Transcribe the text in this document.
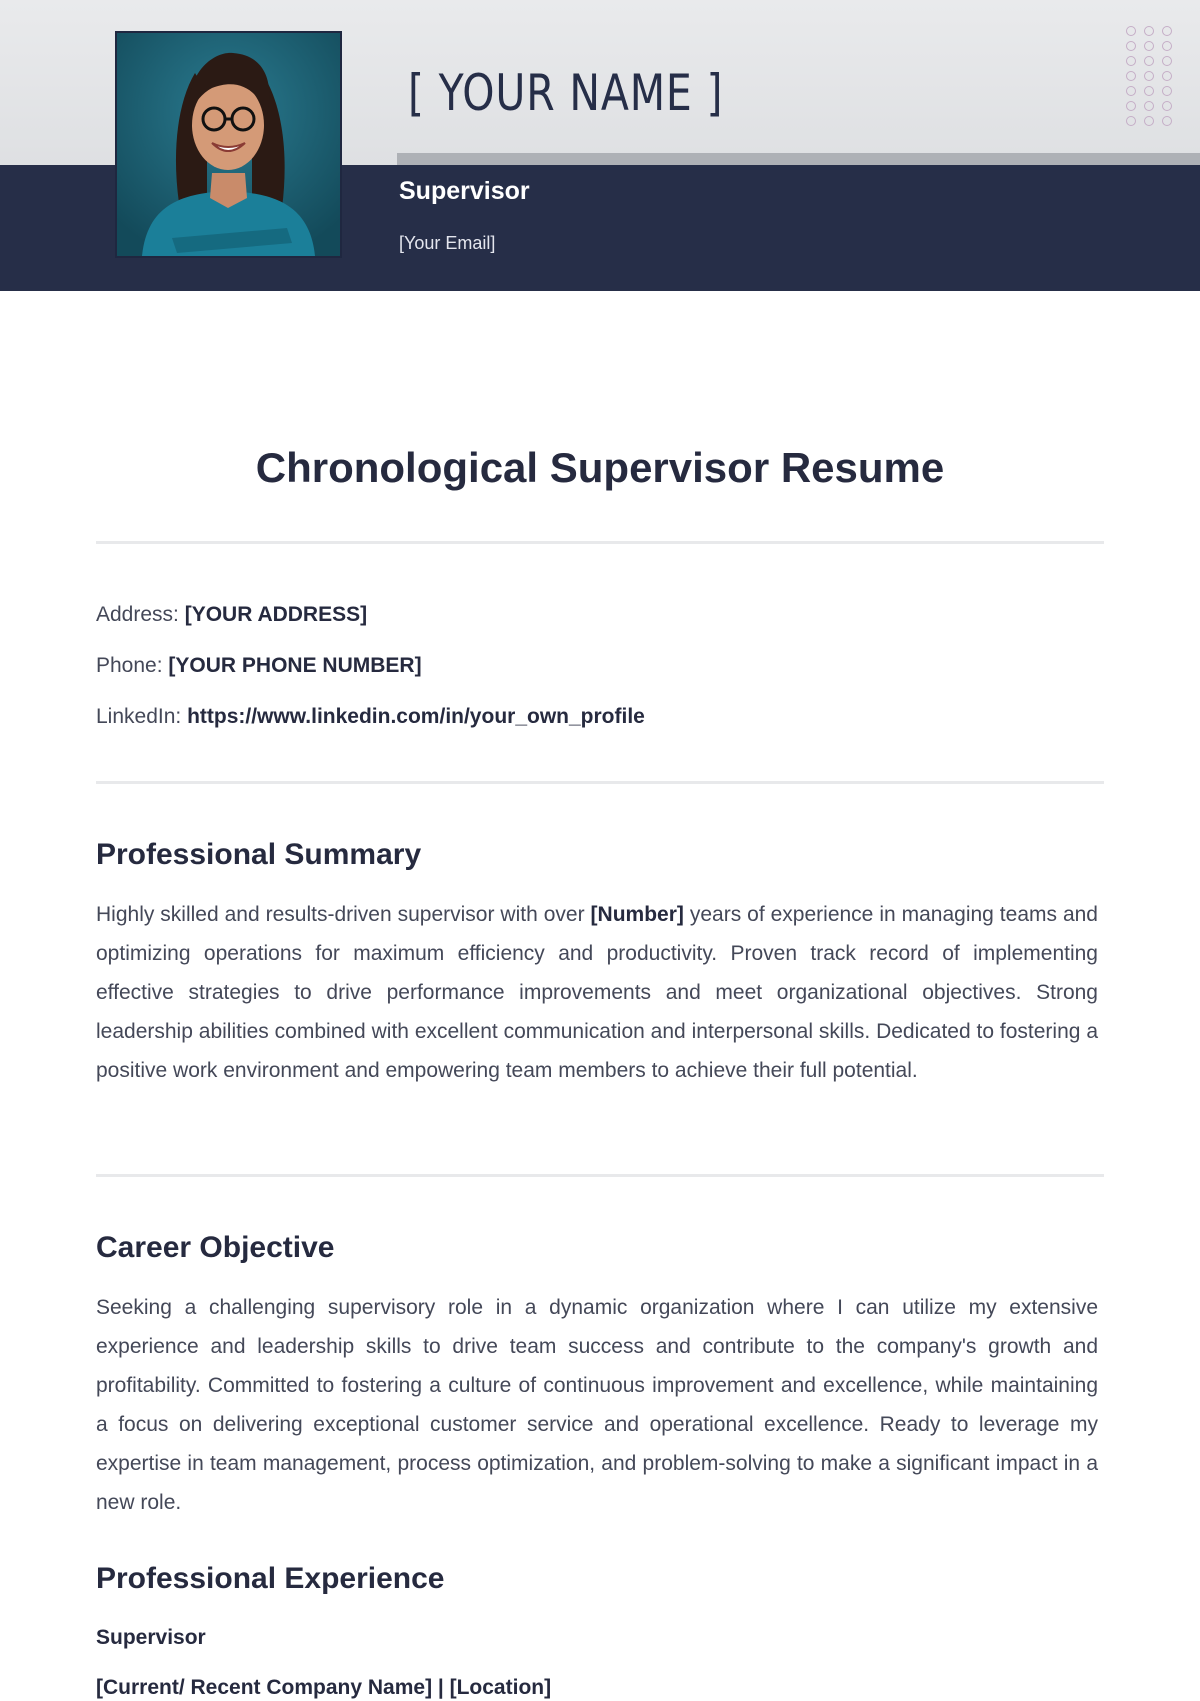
[ YOUR NAME ]
Supervisor
[Your Email]
Chronological Supervisor Resume
Address: [YOUR ADDRESS]
Phone: [YOUR PHONE NUMBER]
LinkedIn: https://www.linkedin.com/in/your_own_profile
Professional Summary
Highly skilled and results-driven supervisor with over [Number] years of experience in managing teams and optimizing operations for maximum efficiency and productivity. Proven track record of implementing effective strategies to drive performance improvements and meet organizational objectives. Strong leadership abilities combined with excellent communication and interpersonal skills. Dedicated to fostering a positive work environment and empowering team members to achieve their full potential.
Career Objective
Seeking a challenging supervisory role in a dynamic organization where I can utilize my extensive experience and leadership skills to drive team success and contribute to the company's growth and profitability. Committed to fostering a culture of continuous improvement and excellence, while maintaining a focus on delivering exceptional customer service and operational excellence. Ready to leverage my expertise in team management, process optimization, and problem-solving to make a significant impact in a new role.
Professional Experience
Supervisor
[Current/ Recent Company Name] | [Location]
